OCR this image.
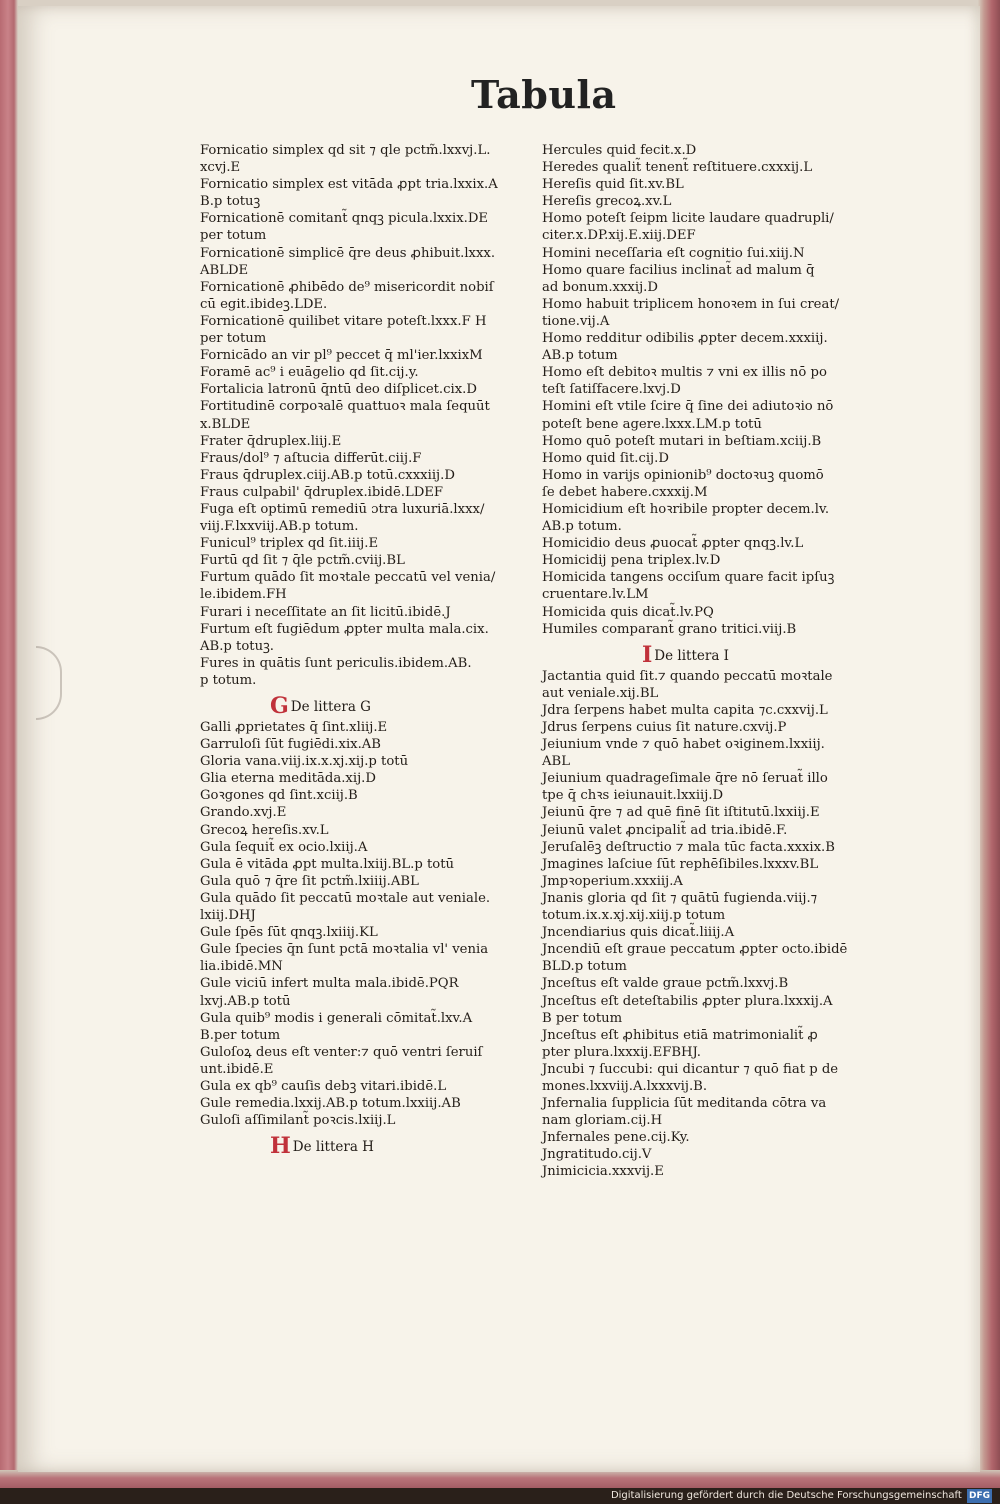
Tabula
Fornicatio simplex qd sit ⁊ qle pctm̃.lxxvj.L.
xcvj.E
Fornicatio simplex est vitāda ꝓpt tria.lxxix.A
B.p totuꝫ
Fornicationē comitant̃ qnqꝫ picula.lxxix.DE
per totum
Fornicationē simplicē q̄re deus ꝓhibuit.lxxx.
ABLDE
Fornicationē ꝓhibēdo de⁹ misericordit nobiſ
cū egit.ibideꝫ.LDE.
Fornicationē quilibet vitare poteſt.lxxx.F H
per totum
Fornicādo an vir pl⁹ peccet q̄ ml'ier.lxxixM
Foramē ac⁹ i euāgelio qd ſit.cij.y.
Fortalicia latronū q̄ntū deo diſplicet.cix.D
Fortitudinē corpoꝛalē quattuoꝛ mala ſequūt
x.BLDE
Frater q̄druplex.liij.E
Fraus/dol⁹ ⁊ aſtucia differūt.ciij.F
Fraus q̄druplex.ciij.AB.p totū.cxxxiij.D
Fraus culpabil' q̄druplex.ibidē.LDEF
Fuga eſt optimū remediū ɔtra luxuriā.lxxx/
viij.F.lxxviij.AB.p totum.
Funicul⁹ triplex qd ſit.iiij.E
Furtū qd ſit ⁊ q̄le pctm̃.cviij.BL
Furtum quādo ſit moꝛtale peccatū vel venia/
le.ibidem.FH
Furari i neceſſitate an ſit licitū.ibidē.J
Furtum eſt fugiēdum ꝓpter multa mala.cix.
AB.p totuꝫ.
Fures in quātis ſunt periculis.ibidem.AB.
p totum.
G De littera G
Galli ꝓprietates q̄ ſint.xliij.E
Garruloſi ſūt fugiēdi.xix.AB
Gloria vana.viij.ix.x.xj.xij.p totū
Glia eterna meditāda.xij.D
Goꝛgones qd ſint.xciij.B
Grando.xvj.E
Grecoꝝ hereſis.xv.L
Gula ſequit̃ ex ocio.lxiij.A
Gula ē vitāda ꝓpt multa.lxiij.BL.p totū
Gula quō ⁊ q̄re ſit pctm̃.lxiiij.ABL
Gula quādo ſit peccatū moꝛtale aut veniale.
lxiij.DHJ
Gule ſpēs ſūt qnqꝫ.lxiiij.KL
Gule ſpecies q̄n ſunt pctā moꝛtalia vl' venia
lia.ibidē.MN
Gule viciū infert multa mala.ibidē.PQR
lxvj.AB.p totū
Gula quib⁹ modis i generali cōmitat̃.lxv.A
B.per totum
Guloſoꝝ deus eſt venter:⁊ quō ventri ſeruiſ
unt.ibidē.E
Gula ex qb⁹ cauſis debꝫ vitari.ibidē.L
Gule remedia.lxxij.AB.p totum.lxxiij.AB
Guloſi aſſimilant̃ poꝛcis.lxiij.L
H De littera H
Hercules quid fecit.x.D
Heredes qualit̃ tenent̃ reſtituere.cxxxij.L
Hereſis quid ſit.xv.BL
Hereſis grecoꝝ.xv.L
Homo poteſt ſeipm licite laudare quadrupli/
citer.x.DP.xij.E.xiij.DEF
Homini neceſſaria eſt cognitio ſui.xiij.N
Homo quare facilius inclinat̃ ad malum q̄
ad bonum.xxxij.D
Homo habuit triplicem honoꝛem in ſui creat/
tione.vij.A
Homo redditur odibilis ꝓpter decem.xxxiij.
AB.p totum
Homo eſt debitoꝛ multis ⁊ vni ex illis nō po
teſt ſatiſfacere.lxvj.D
Homini eſt vtile ſcire q̄ ſine dei adiutoꝛio nō
poteſt bene agere.lxxx.LM.p totū
Homo quō poteſt mutari in beſtiam.xciij.B
Homo quid ſit.cij.D
Homo in varijs opinionib⁹ doctoꝛuꝫ quomō
ſe debet habere.cxxxij.M
Homicidium eſt hoꝛribile propter decem.lv.
AB.p totum.
Homicidio deus ꝓuocat̃ ꝓpter qnqꝫ.lv.L
Homicidij pena triplex.lv.D
Homicida tangens occiſum quare facit ipſuꝫ
cruentare.lv.LM
Homicida quis dicat̃.lv.PQ
Humiles comparant̃ grano tritici.viij.B
I De littera I
Jactantia quid ſit.⁊ quando peccatū moꝛtale
aut veniale.xij.BL
Jdra ſerpens habet multa capita ⁊c.cxxvij.L
Jdrus ſerpens cuius ſit nature.cxvij.P
Jeiunium vnde ⁊ quō habet oꝛiginem.lxxiij.
ABL
Jeiunium quadrageſimale q̄re nō ſeruat̃ illo
tpe q̄ chꝛs ieiunauit.lxxiij.D
Jeiunū q̄re ⁊ ad quē finē ſit iſtitutū.lxxiij.E
Jeiunū valet ꝓncipalit̃ ad tria.ibidē.F.
Jeruſalēꝫ deſtructio ⁊ mala tūc facta.xxxix.B
Jmagines laſciue ſūt rephēſibiles.lxxxv.BL
Jmpꝛoperium.xxxiij.A
Jnanis gloria qd ſit ⁊ quātū fugienda.viij.⁊
totum.ix.x.xj.xij.xiij.p totum
Jncendiarius quis dicat̃.liiij.A
Jncendiū eſt graue peccatum ꝓpter octo.ibidē
BLD.p totum
Jnceſtus eſt valde graue pctm̃.lxxvj.B
Jnceſtus eſt deteſtabilis ꝓpter plura.lxxxij.A
B per totum
Jnceſtus eſt ꝓhibitus etiā matrimonialit̃ ꝓ
pter plura.lxxxij.EFBHJ.
Jncubi ⁊ ſuccubi: qui dicantur ⁊ quō fiat p de
mones.lxxviij.A.lxxxvij.B.
Jnfernalia ſupplicia ſūt meditanda cōtra va
nam gloriam.cij.H
Jnfernales pene.cij.Ky.
Jngratitudo.cij.V
Jnimicicia.xxxvij.E
Digitalisierung gefördert durch die Deutsche Forschungsgemeinschaft DFG
